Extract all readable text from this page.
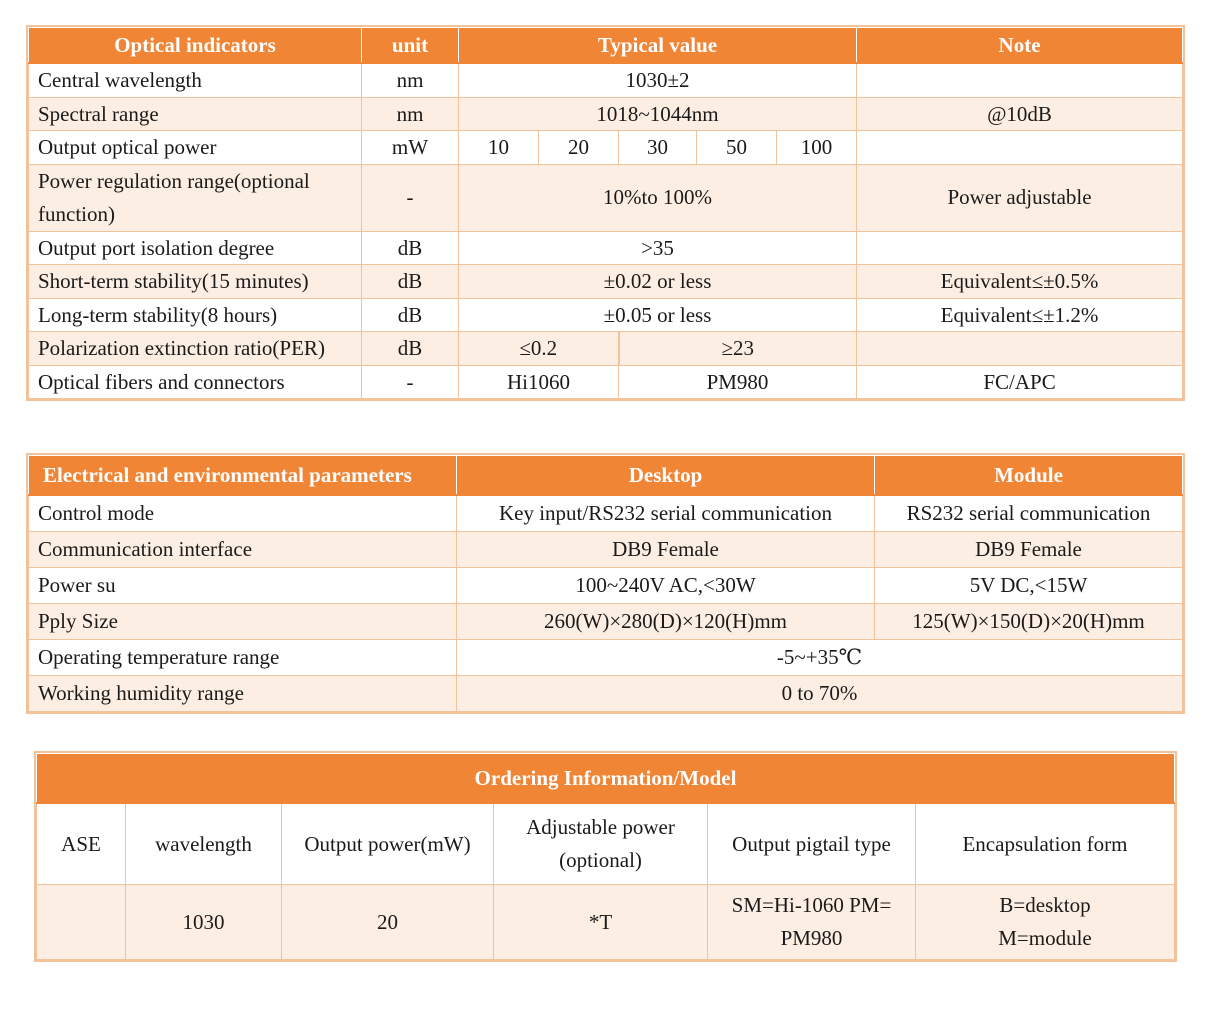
Optical indicators	unit	Typical value					Note
Central wavelength	nm	1030±2					
Spectral range	nm	1018~1044nm					@10dB
Output optical power	mW	10	20	30	50	100	
Power regulation range(optional function)	-	10%to 100%					Power adjustable
Output port isolation degree	dB	>35					
Short-term stability(15 minutes)	dB	±0.02 or less					Equivalent≤±0.5%
Long-term stability(8 hours)	dB	±0.05 or less					Equivalent≤±1.2%
Polarization extinction ratio(PER)	dB	≤0.2		≥23			
Optical fibers and connectors	-	Hi1060		PM980			FC/APC
Electrical and environmental parameters	Desktop	Module
Control mode	Key input/RS232 serial communication	RS232 serial communication
Communication interface	DB9 Female	DB9 Female
Power su	100~240V AC,<30W	5V DC,<15W
Pply Size	260(W)×280(D)×120(H)mm	125(W)×150(D)×20(H)mm
Operating temperature range	-5~+35℃	
Working humidity range	0 to 70%	
Ordering Information/Model					
ASE	wavelength	Output power(mW)	Adjustable power (optional)	Output pigtail type	Encapsulation form
	1030	20	*T	SM=Hi-1060 PM= PM980	B=desktop
M=module
